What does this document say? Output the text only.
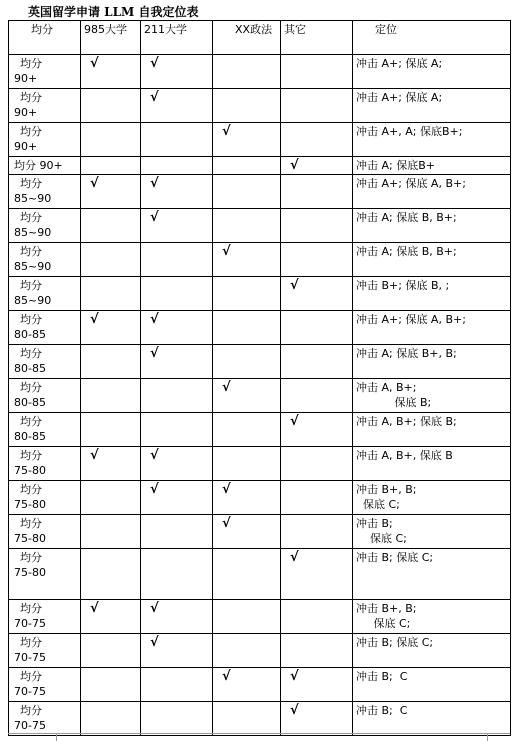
英国留学申请 LLM 自我定位表
均分	985大学	211大学	XX政法	其它	定位

均分
90+	√	√			冲击 A+; 保底 A;

均分
90+		√			冲击 A+; 保底 A;

均分
90+			√		冲击 A+, A; 保底B+;

均分 90+				√	冲击 A; 保底B+

均分
85~90	√	√			冲击 A+; 保底 A, B+;

均分
85~90		√			冲击 A; 保底 B, B+;

均分
85~90			√		冲击 A; 保底 B, B+;

均分
85~90				√	冲击 B+; 保底 B, ;

均分
80-85	√	√			冲击 A+; 保底 A, B+;

均分
80-85		√			冲击 A; 保底 B+, B;

均分
80-85			√		冲击 A, B+;
保底 B;

均分
80-85				√	冲击 A, B+; 保底 B;

均分
75-80	√	√			冲击 A, B+, 保底 B

均分
75-80		√	√		冲击 B+, B;
保底 C;

均分
75-80			√		冲击 B;
保底 C;

均分
75-80				√	冲击 B; 保底 C;

均分
70-75	√	√			冲击 B+, B;
保底 C;

均分
70-75		√			冲击 B; 保底 C;

均分
70-75			√	√	冲击 B;  C

均分
70-75				√	冲击 B;  C
